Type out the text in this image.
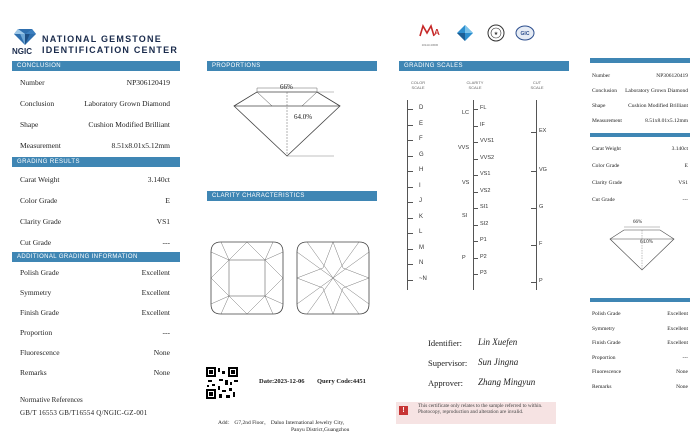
NGIC
NATIONAL GEMSTONE
IDENTIFICATION CENTER
CONCLUSION
Number	NP306120419
Conclusion	Laboratory Grown Diamond
Shape	Cushion Modified Brilliant
Measurement	8.51x8.01x5.12mm
GRADING RESULTS
Carat Weight	3.140ct
Color Grade	E
Clarity Grade	VS1
Cut Grade	---
ADDITIONAL GRADING INFORMATION
Polish Grade	Excellent
Symmetry	Excellent
Finish Grade	Excellent
Proportion	---
Fluorescence	None
Remarks	None
Normative References
GB/T 16553 GB/T16554 Q/NGIC-GZ-001
PROPORTIONS
66%
64.0%
CLARITY CHARACTERISTICS
Date:2023-12-06 Query Code:4451
Add： G7,2nd Floor， Daluo International Jewelry City,
Panyu District,Guangzhou
A
20241120000
★	GIC
GRADING SCALES
COLOR
SCALE
CLARITY
SCALE
CUT
SCALE
D
E
F
G
H
I
J
K
L
M
N
~N
FL
IF
VVS1
VVS2
VS1
VS2
SI1
SI2
P1
P2
P3
LC
VVS
VS
SI
P
EX
VG
G
F
P
Identifier: Lin Xuefen
Supervisor: Sun Jingna
Approver: Zhang Mingyun
!
This certificate only relates to the sample referred to within. Photocopy, reproduction and alteration are invalid.
Number	NP306120419
Conclusion Laboratory Grown Diamond
Shape	Cushion Modified Brilliant
Measurement	8.51x8.01x5.12mm
Carat Weight	3.140ct
Color Grade	E
Clarity Grade	VS1
Cut Grade	---
66%
64.0%
Polish Grade	Excellent
Symmetry	Excellent
Finish Grade	Excellent
Proportion	---
Fluorescence	None
Remarks	None
